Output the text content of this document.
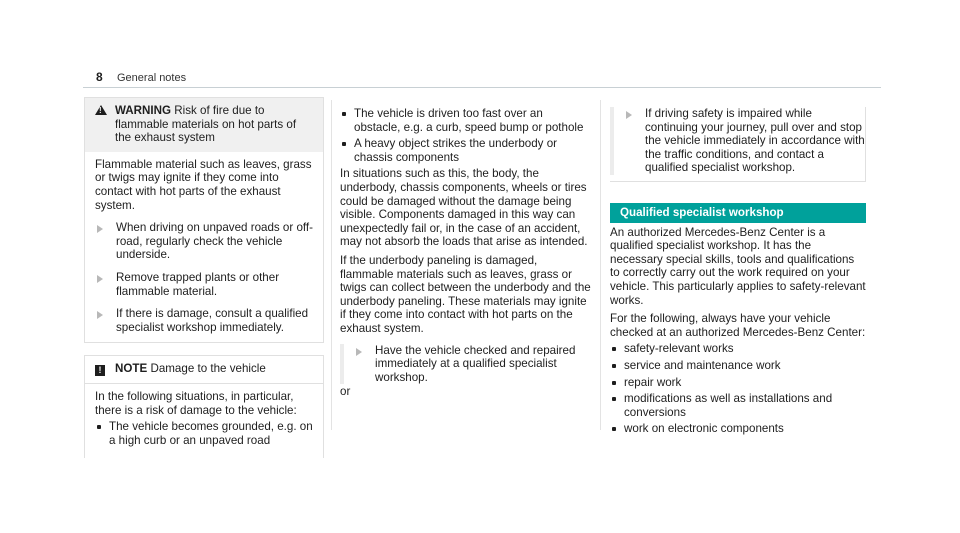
8 General notes
!
WARNING Risk of fire due to flammable materials on hot parts of the exhaust system

Flammable material such as leaves, grass or twigs may ignite if they come into contact with hot parts of the exhaust system.

When driving on unpaved roads or off-road, regularly check the vehicle underside.
Remove trapped plants or other flammable material.
If there is damage, consult a qualified specialist workshop immediately.
!	NOTE Damage to the vehicle

In the following situations, in particular, there is a risk of damage to the vehicle:

The vehicle becomes grounded, e.g. on a high curb or an unpaved road
The vehicle is driven too fast over an obstacle, e.g. a curb, speed bump or pothole
A heavy object strikes the underbody or chassis components

In situations such as this, the body, the underbody, chassis components, wheels or tires could be damaged without the damage being visible. Components damaged in this way can unexpectedly fail or, in the case of an accident, may not absorb the loads that arise as intended.

If the underbody paneling is damaged, flammable materials such as leaves, grass or twigs can collect between the underbody and the underbody paneling. These materials may ignite if they come into contact with hot parts on the exhaust system.

Have the vehicle checked and repaired immediately at a qualified specialist workshop.

or

If driving safety is impaired while continuing your journey, pull over and stop the vehicle immediately in accordance with the traffic conditions, and contact a qualified specialist workshop.
Qualified specialist workshop

An authorized Mercedes-Benz Center is a qualified specialist workshop. It has the necessary special skills, tools and qualifications to correctly carry out the work required on your vehicle. This particularly applies to safety-relevant works.

For the following, always have your vehicle checked at an authorized Mercedes-Benz Center:

safety-relevant works
service and maintenance work
repair work
modifications as well as installations and conversions
work on electronic components
